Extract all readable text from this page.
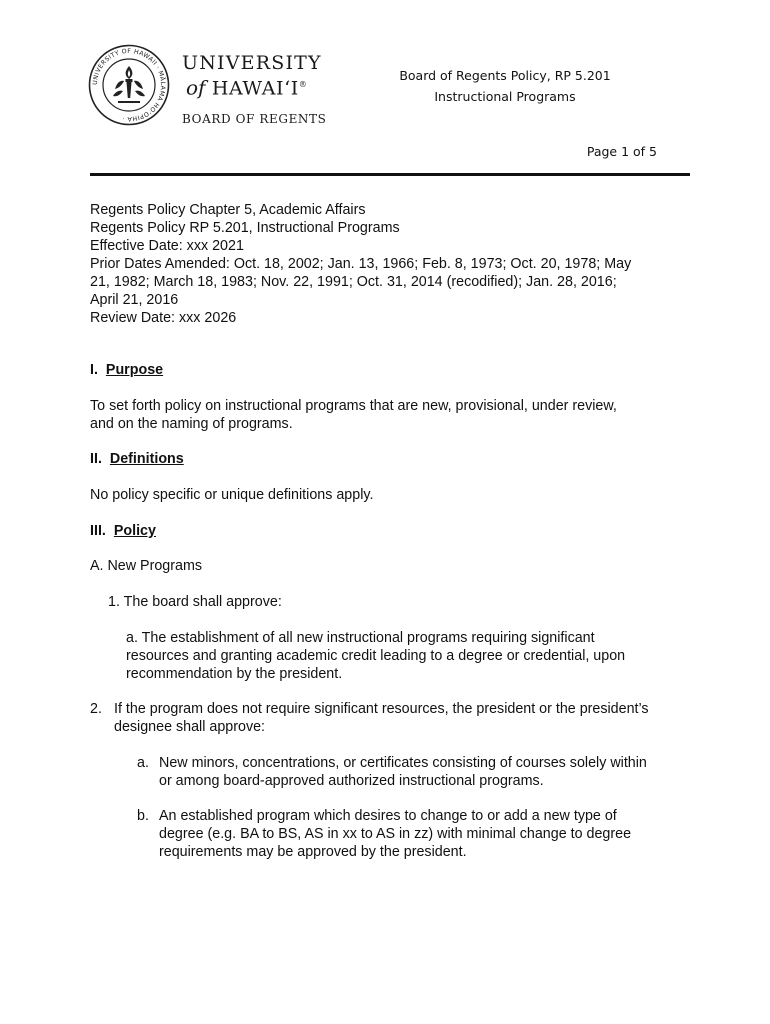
UNIVERSITY OF HAWAII · MĀLAMA HOʻOPIHA ·
UNIVERSITY
of HAWAIʻI®
BOARD OF REGENTS
Board of Regents Policy, RP 5.201
Instructional Programs
Page 1 of 5
Regents Policy Chapter 5, Academic Affairs
Regents Policy RP 5.201, Instructional Programs
Effective Date: xxx 2021
Prior Dates Amended: Oct. 18, 2002; Jan. 13, 1966; Feb. 8, 1973; Oct. 20, 1978; May
21, 1982; March 18, 1983; Nov. 22, 1991; Oct. 31, 2014 (recodified); Jan. 28, 2016;
April 21, 2016
Review Date: xxx 2026
I. Purpose
To set forth policy on instructional programs that are new, provisional, under review,
and on the naming of programs.
II. Definitions
No policy specific or unique definitions apply.
III. Policy
A. New Programs
1. The board shall approve:
a. The establishment of all new instructional programs requiring significant
resources and granting academic credit leading to a degree or credential, upon
recommendation by the president.
2. If the program does not require significant resources, the president or the president’s
designee shall approve:
a. New minors, concentrations, or certificates consisting of courses solely within
or among board-approved authorized instructional programs.
b. An established program which desires to change to or add a new type of
degree (e.g. BA to BS, AS in xx to AS in zz) with minimal change to degree
requirements may be approved by the president.
